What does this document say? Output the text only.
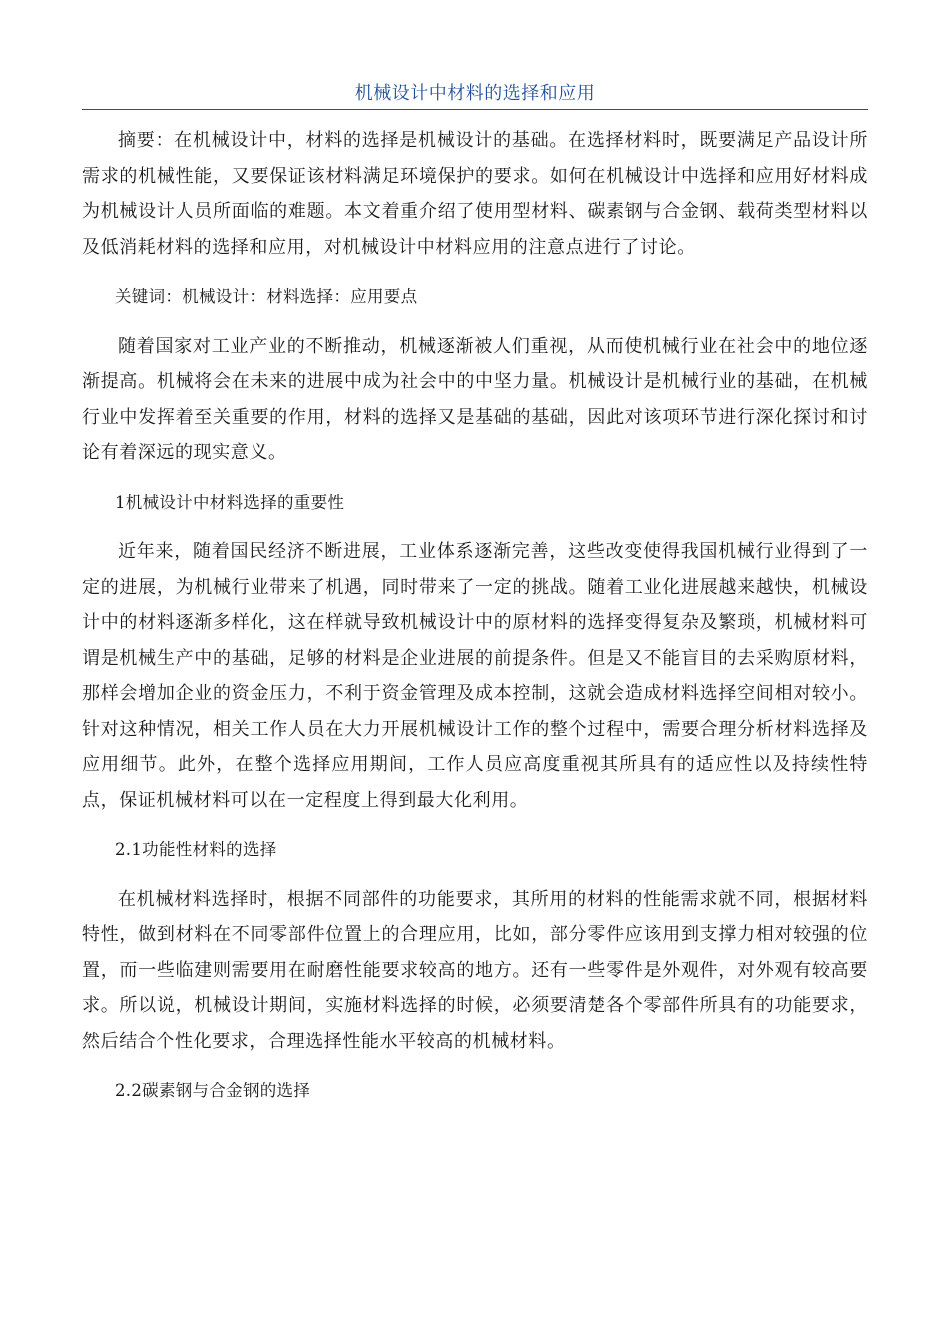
机械设计中材料的选择和应用

摘要：在机械设计中，材料的选择是机械设计的基础。在选择材料时，既要满足产品设计所需求的机械性能，又要保证该材料满足环境保护的要求。如何在机械设计中选择和应用好材料成为机械设计人员所面临的难题。本文着重介绍了使用型材料、碳素钢与合金钢、载荷类型材料以及低消耗材料的选择和应用，对机械设计中材料应用的注意点进行了讨论。

关键词：机械设计：材料选择：应用要点

随着国家对工业产业的不断推动，机械逐渐被人们重视，从而使机械行业在社会中的地位逐渐提高。机械将会在未来的进展中成为社会中的中坚力量。机械设计是机械行业的基础，在机械行业中发挥着至关重要的作用，材料的选择又是基础的基础，因此对该项环节进行深化探讨和讨论有着深远的现实意义。

1机械设计中材料选择的重要性

近年来，随着国民经济不断进展，工业体系逐渐完善，这些改变使得我国机械行业得到了一定的进展，为机械行业带来了机遇，同时带来了一定的挑战。随着工业化进展越来越快，机械设计中的材料逐渐多样化，这在样就导致机械设计中的原材料的选择变得复杂及繁琐，机械材料可谓是机械生产中的基础，足够的材料是企业进展的前提条件。但是又不能盲目的去采购原材料，那样会增加企业的资金压力，不利于资金管理及成本控制，这就会造成材料选择空间相对较小。针对这种情况，相关工作人员在大力开展机械设计工作的整个过程中，需要合理分析材料选择及应用细节。此外，在整个选择应用期间，工作人员应高度重视其所具有的适应性以及持续性特点，保证机械材料可以在一定程度上得到最大化利用。

2.1功能性材料的选择

在机械材料选择时，根据不同部件的功能要求，其所用的材料的性能需求就不同，根据材料特性，做到材料在不同零部件位置上的合理应用，比如，部分零件应该用到支撑力相对较强的位置，而一些临建则需要用在耐磨性能要求较高的地方。还有一些零件是外观件，对外观有较高要求。所以说，机械设计期间，实施材料选择的时候，必须要清楚各个零部件所具有的功能要求，然后结合个性化要求，合理选择性能水平较高的机械材料。

2.2碳素钢与合金钢的选择
